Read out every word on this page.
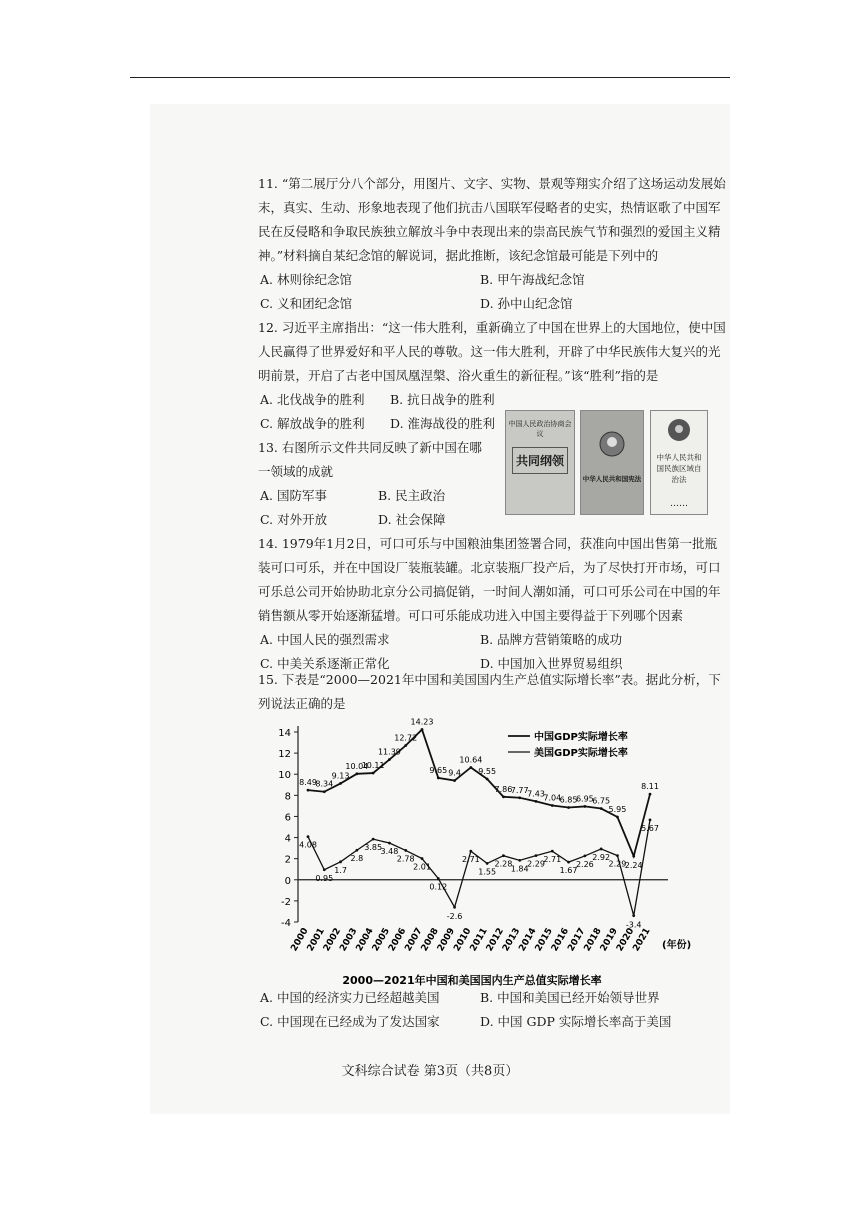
11. “第二展厅分八个部分，用图片、文字、实物、景观等翔实介绍了这场运动发展始末，真实、生动、形象地表现了他们抗击八国联军侵略者的史实，热情讴歌了中国军民在反侵略和争取民族独立解放斗争中表现出来的崇高民族气节和强烈的爱国主义精神。”材料摘自某纪念馆的解说词，据此推断，该纪念馆最可能是下列中的

A. 林则徐纪念馆	B. 甲午海战纪念馆
C. 义和团纪念馆	D. 孙中山纪念馆

12. 习近平主席指出：“这一伟大胜利，重新确立了中国在世界上的大国地位，使中国人民赢得了世界爱好和平人民的尊敬。这一伟大胜利，开辟了中华民族伟大复兴的光明前景，开启了古老中国凤凰涅槃、浴火重生的新征程。”该“胜利”指的是

A. 北伐战争的胜利	B. 抗日战争的胜利
C. 解放战争的胜利	D. 淮海战役的胜利

13. 右图所示文件共同反映了新中国在哪一领域的成就

A. 国防军事	B. 民主政治
C. 对外开放	D. 社会保障
中国人民政治协商会议
共同纲领
中华人民共和国宪法
中华人民共和国民族区域自治法
……

14. 1979年1月2日，可口可乐与中国粮油集团签署合同，获准向中国出售第一批瓶装可口可乐，并在中国设厂装瓶装罐。北京装瓶厂投产后，为了尽快打开市场，可口可乐总公司开始协助北京分公司搞促销，一时间人潮如涌，可口可乐公司在中国的年销售额从零开始逐渐猛增。可口可乐能成功进入中国主要得益于下列哪个因素

A. 中国人民的强烈需求	B. 品牌方营销策略的成功
C. 中美关系逐渐正常化	D. 中国加入世界贸易组织

15. 下表是“2000—2021年中国和美国国内生产总值实际增长率”表。据此分析，下列说法正确的是

-4
-2
0
2
4
6
8
10
12
14
2000
2001
2002
2003
2004
2005
2006
2007
2008
2009
2010
2011
2012
2013
2014
2015
2016
2017
2018
2019
2020
2021 (年份)
8.49
8.34
9.13
10.04
10.11
11.39
12.72
14.23
9.65 9.4
10.64
9.55
7.86
7.77
7.43
7.04
6.85
6.95
6.75
5.95
2.24
8.11
4.08
0.95
1.7
2.8
3.85
3.48
2.78
2.01
0.12
-2.6
2.71
1.55
2.28
1.84
2.29
2.71
1.67
2.26
2.92
2.29
-3.4
5.67
中国GDP实际增长率
美国GDP实际增长率
2000—2021年中国和美国国内生产总值实际增长率
A. 中国的经济实力已经超越美国	B. 中国和美国已经开始领导世界
C. 中国现在已经成为了发达国家	D. 中国 GDP 实际增长率高于美国
文科综合试卷 第3页（共8页）
